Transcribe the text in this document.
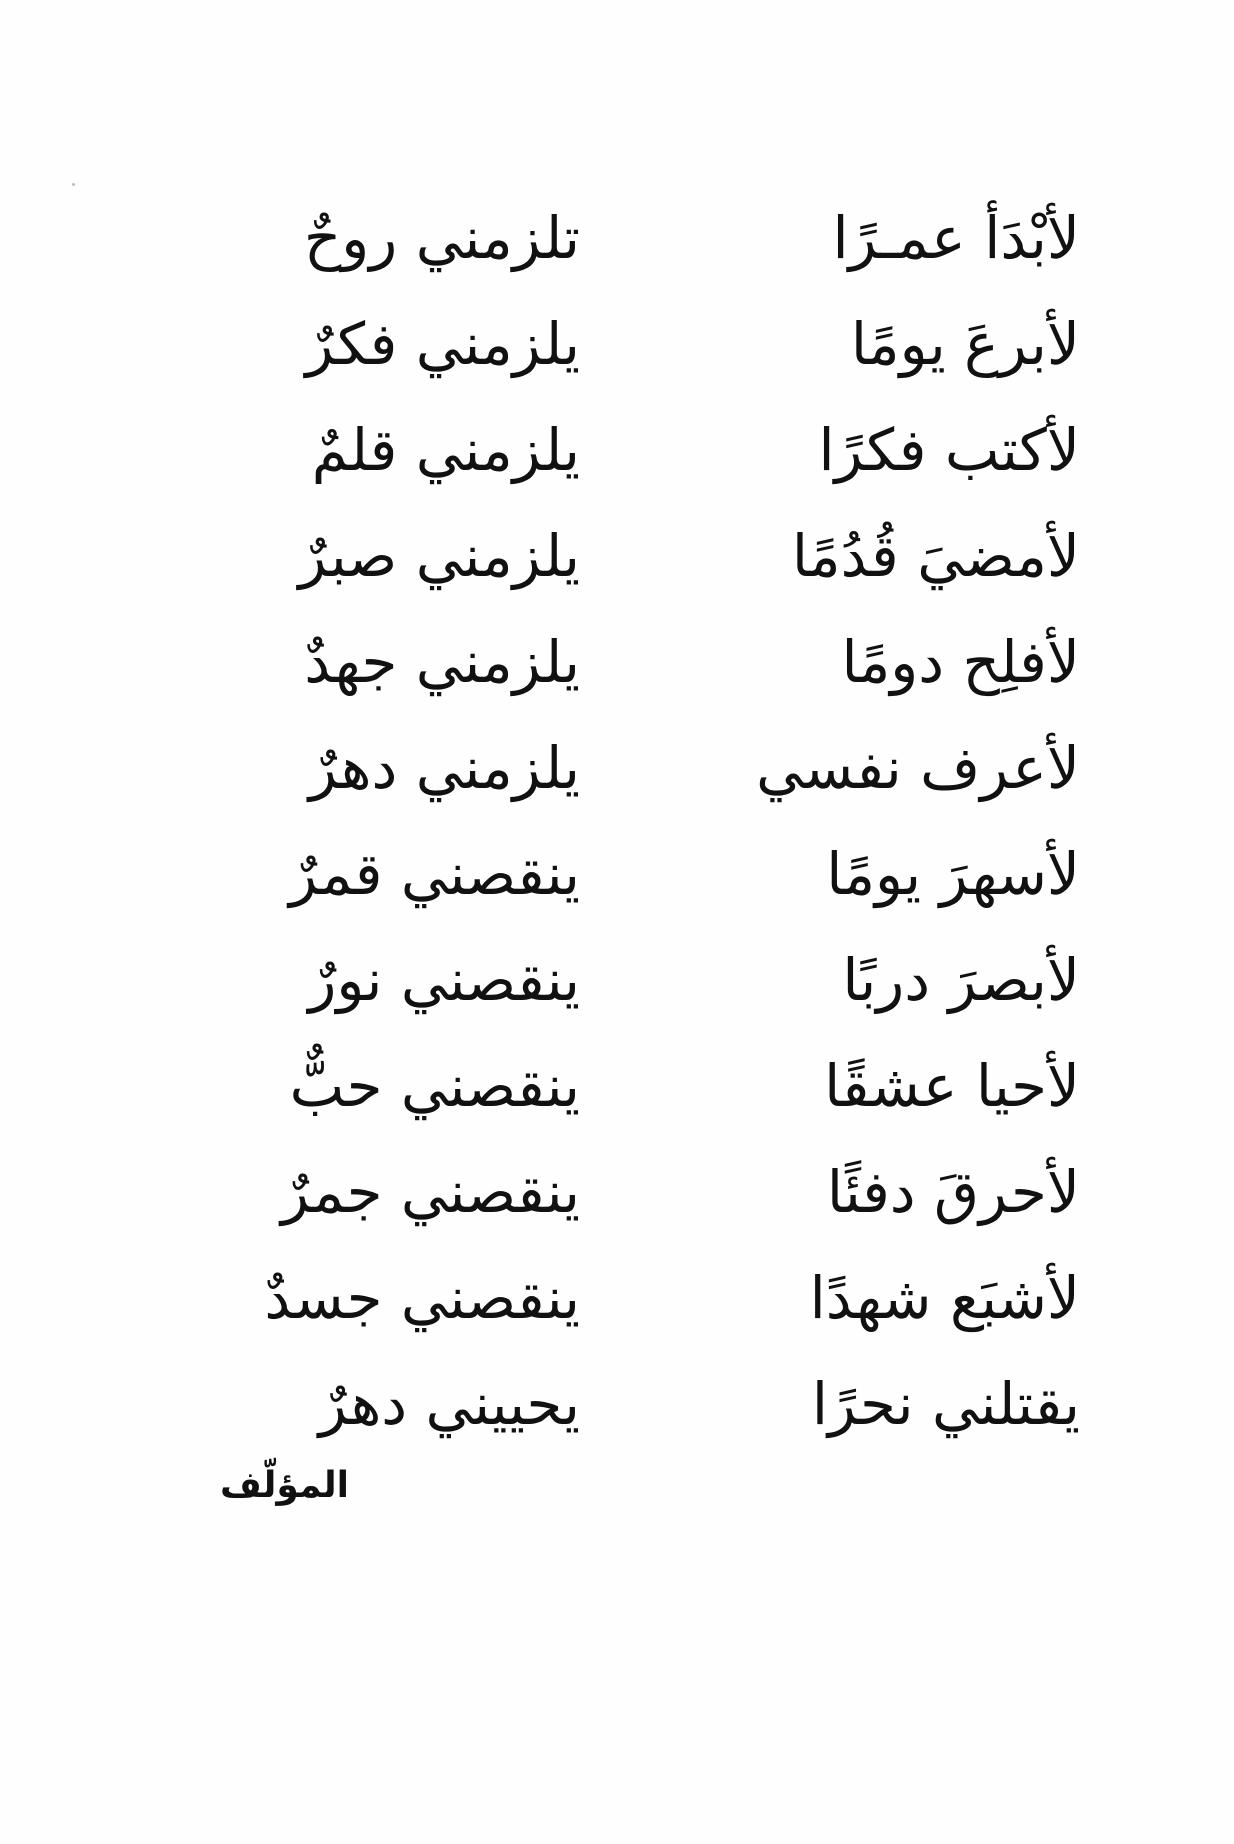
لأبْدَأ عمـرًا
تلزمني روحٌ
لأبرعَ يومًا
يلزمني فكرٌ
لأكتب فكرًا
يلزمني قلمٌ
لأمضيَ قُدُمًا
يلزمني صبرٌ
لأفلِح دومًا
يلزمني جهدٌ
لأعرف نفسي
يلزمني دهرٌ
لأسهرَ يومًا
ينقصني قمرٌ
لأبصرَ دربًا
ينقصني نورٌ
لأحيا عشقًا
ينقصني حبٌّ
لأحرقَ دفئًا
ينقصني جمرٌ
لأشبَع شهدًا
ينقصني جسدٌ
يقتلني نحرًا
يحييني دهرٌ
المؤلّف
